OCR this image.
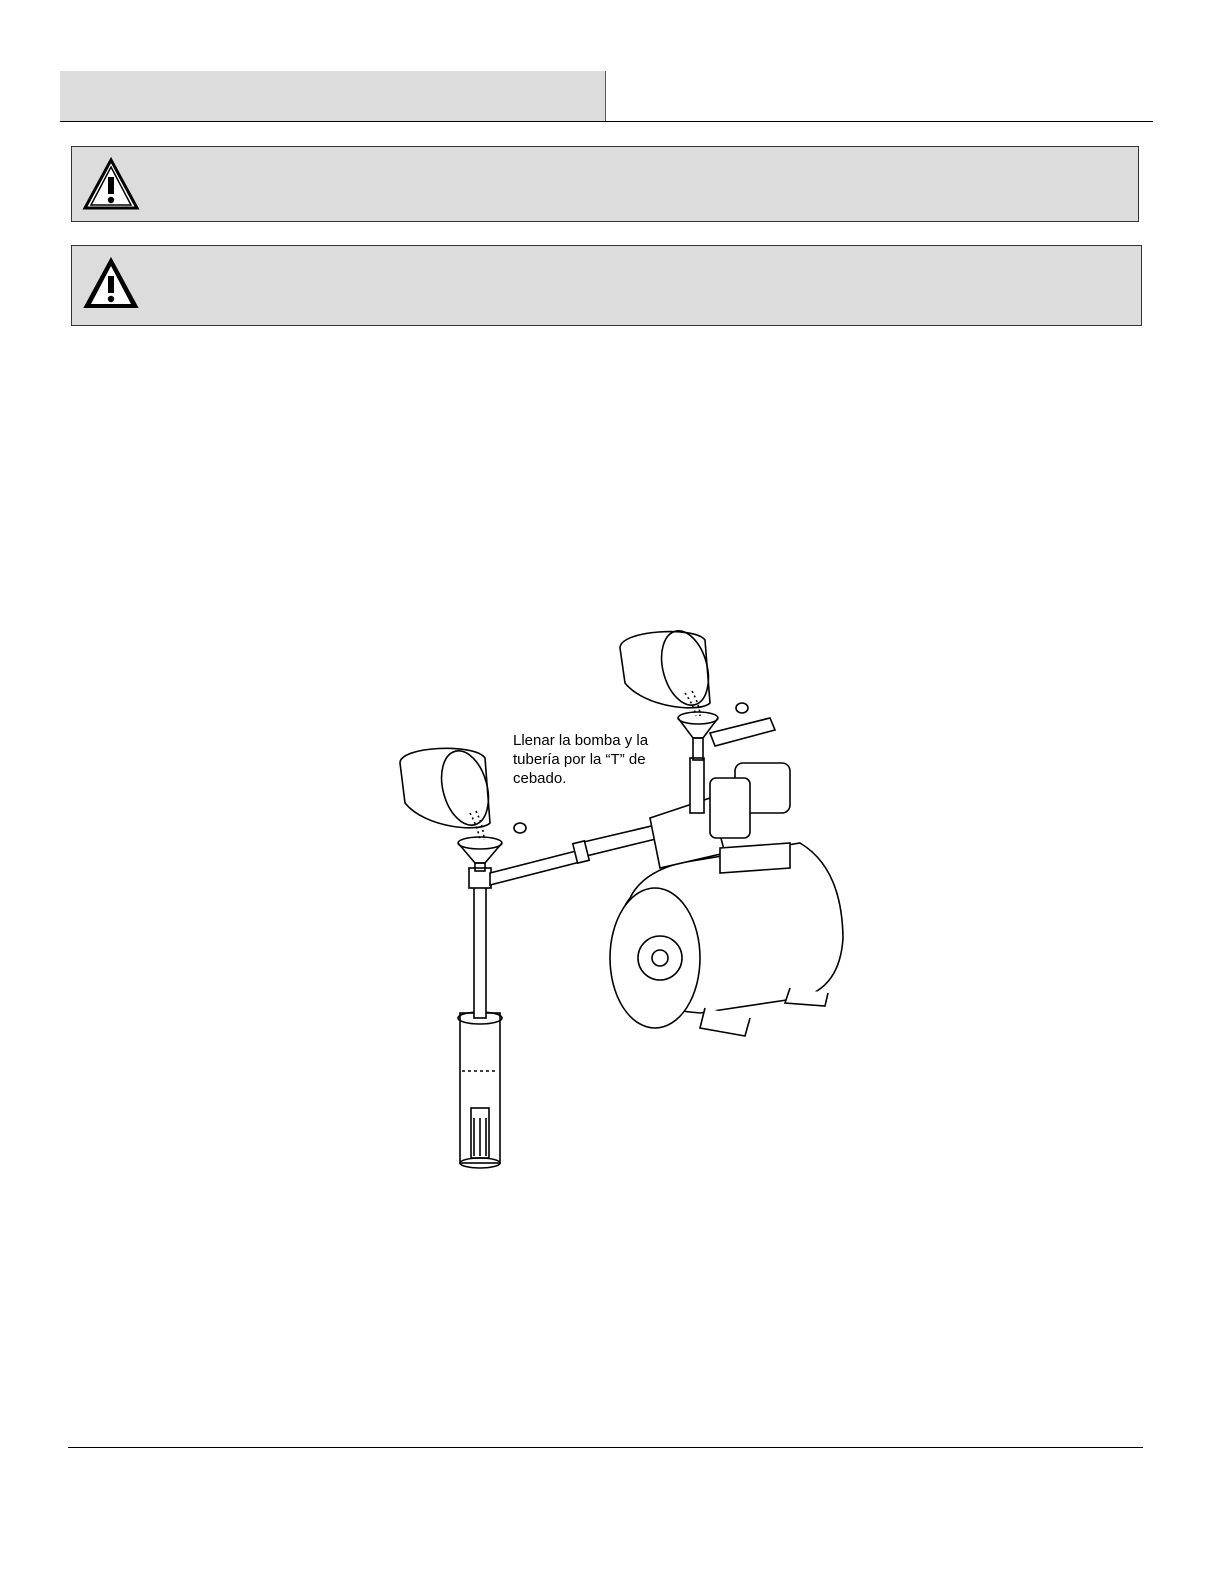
Llenar la bomba y la
tubería por la “T” de
cebado.
